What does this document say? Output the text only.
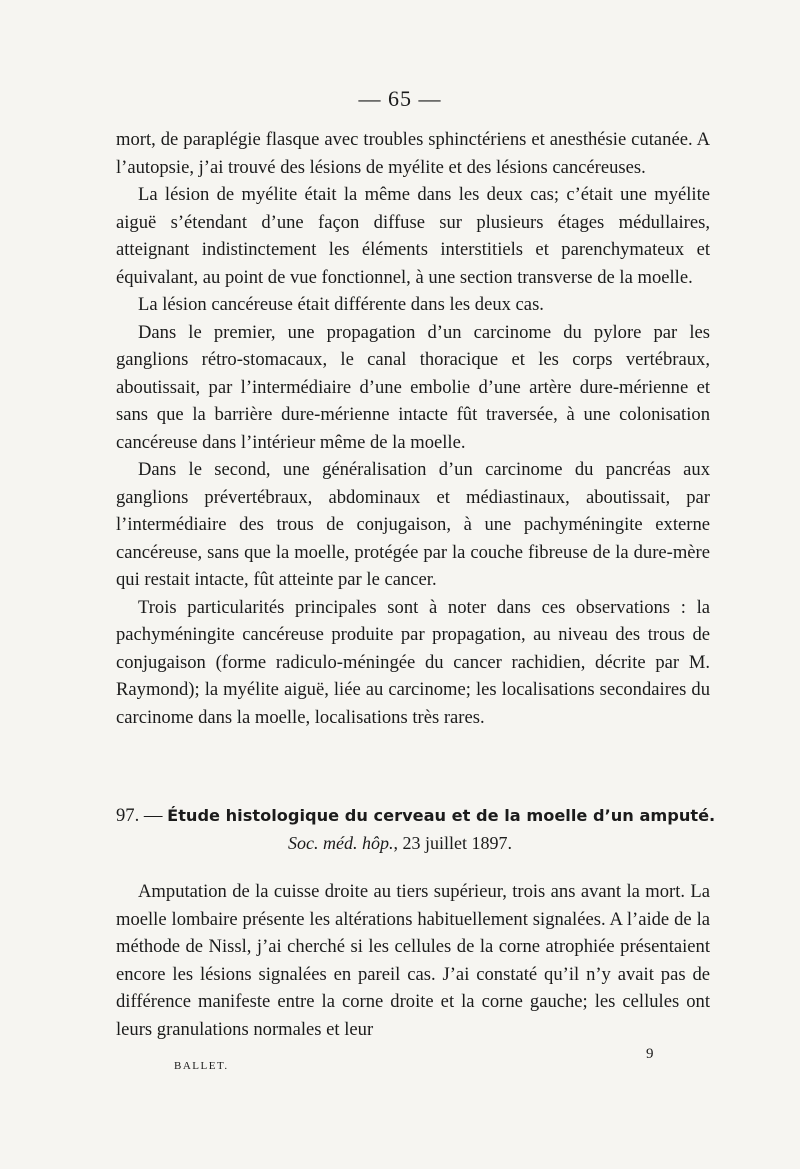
— 65 —

mort, de paraplégie flasque avec troubles sphinctériens et anesthésie cutanée. A l’autopsie, j’ai trouvé des lésions de myélite et des lésions cancéreuses.

La lésion de myélite était la même dans les deux cas; c’était une myélite aiguë s’étendant d’une façon diffuse sur plusieurs étages médullaires, atteignant indistinctement les éléments interstitiels et parenchymateux et équivalant, au point de vue fonctionnel, à une section transverse de la moelle.

La lésion cancéreuse était différente dans les deux cas.

Dans le premier, une propagation d’un carcinome du pylore par les ganglions rétro-stomacaux, le canal thoracique et les corps vertébraux, aboutissait, par l’intermédiaire d’une embolie d’une artère dure-mérienne et sans que la barrière dure-mérienne intacte fût traversée, à une colonisation cancéreuse dans l’intérieur même de la moelle.

Dans le second, une généralisation d’un carcinome du pancréas aux ganglions prévertébraux, abdominaux et médiastinaux, aboutissait, par l’intermédiaire des trous de conjugaison, à une pachyméningite externe cancéreuse, sans que la moelle, protégée par la couche fibreuse de la dure-mère qui restait intacte, fût atteinte par le cancer.

Trois particularités principales sont à noter dans ces observations : la pachyméningite cancéreuse produite par propagation, au niveau des trous de conjugaison (forme radiculo-méningée du cancer rachidien, décrite par M. Raymond); la myélite aiguë, liée au carcinome; les localisations secondaires du carcinome dans la moelle, localisations très rares.

97. — Étude histologique du cerveau et de la moelle d’un amputé.
Soc. méd. hôp., 23 juillet 1897.

Amputation de la cuisse droite au tiers supérieur, trois ans avant la mort. La moelle lombaire présente les altérations habituellement signalées. A l’aide de la méthode de Nissl, j’ai cherché si les cellules de la corne atrophiée présentaient encore les lésions signalées en pareil cas. J’ai constaté qu’il n’y avait pas de différence manifeste entre la corne droite et la corne gauche; les cellules ont leurs granulations normales et leur

BALLET.
9
